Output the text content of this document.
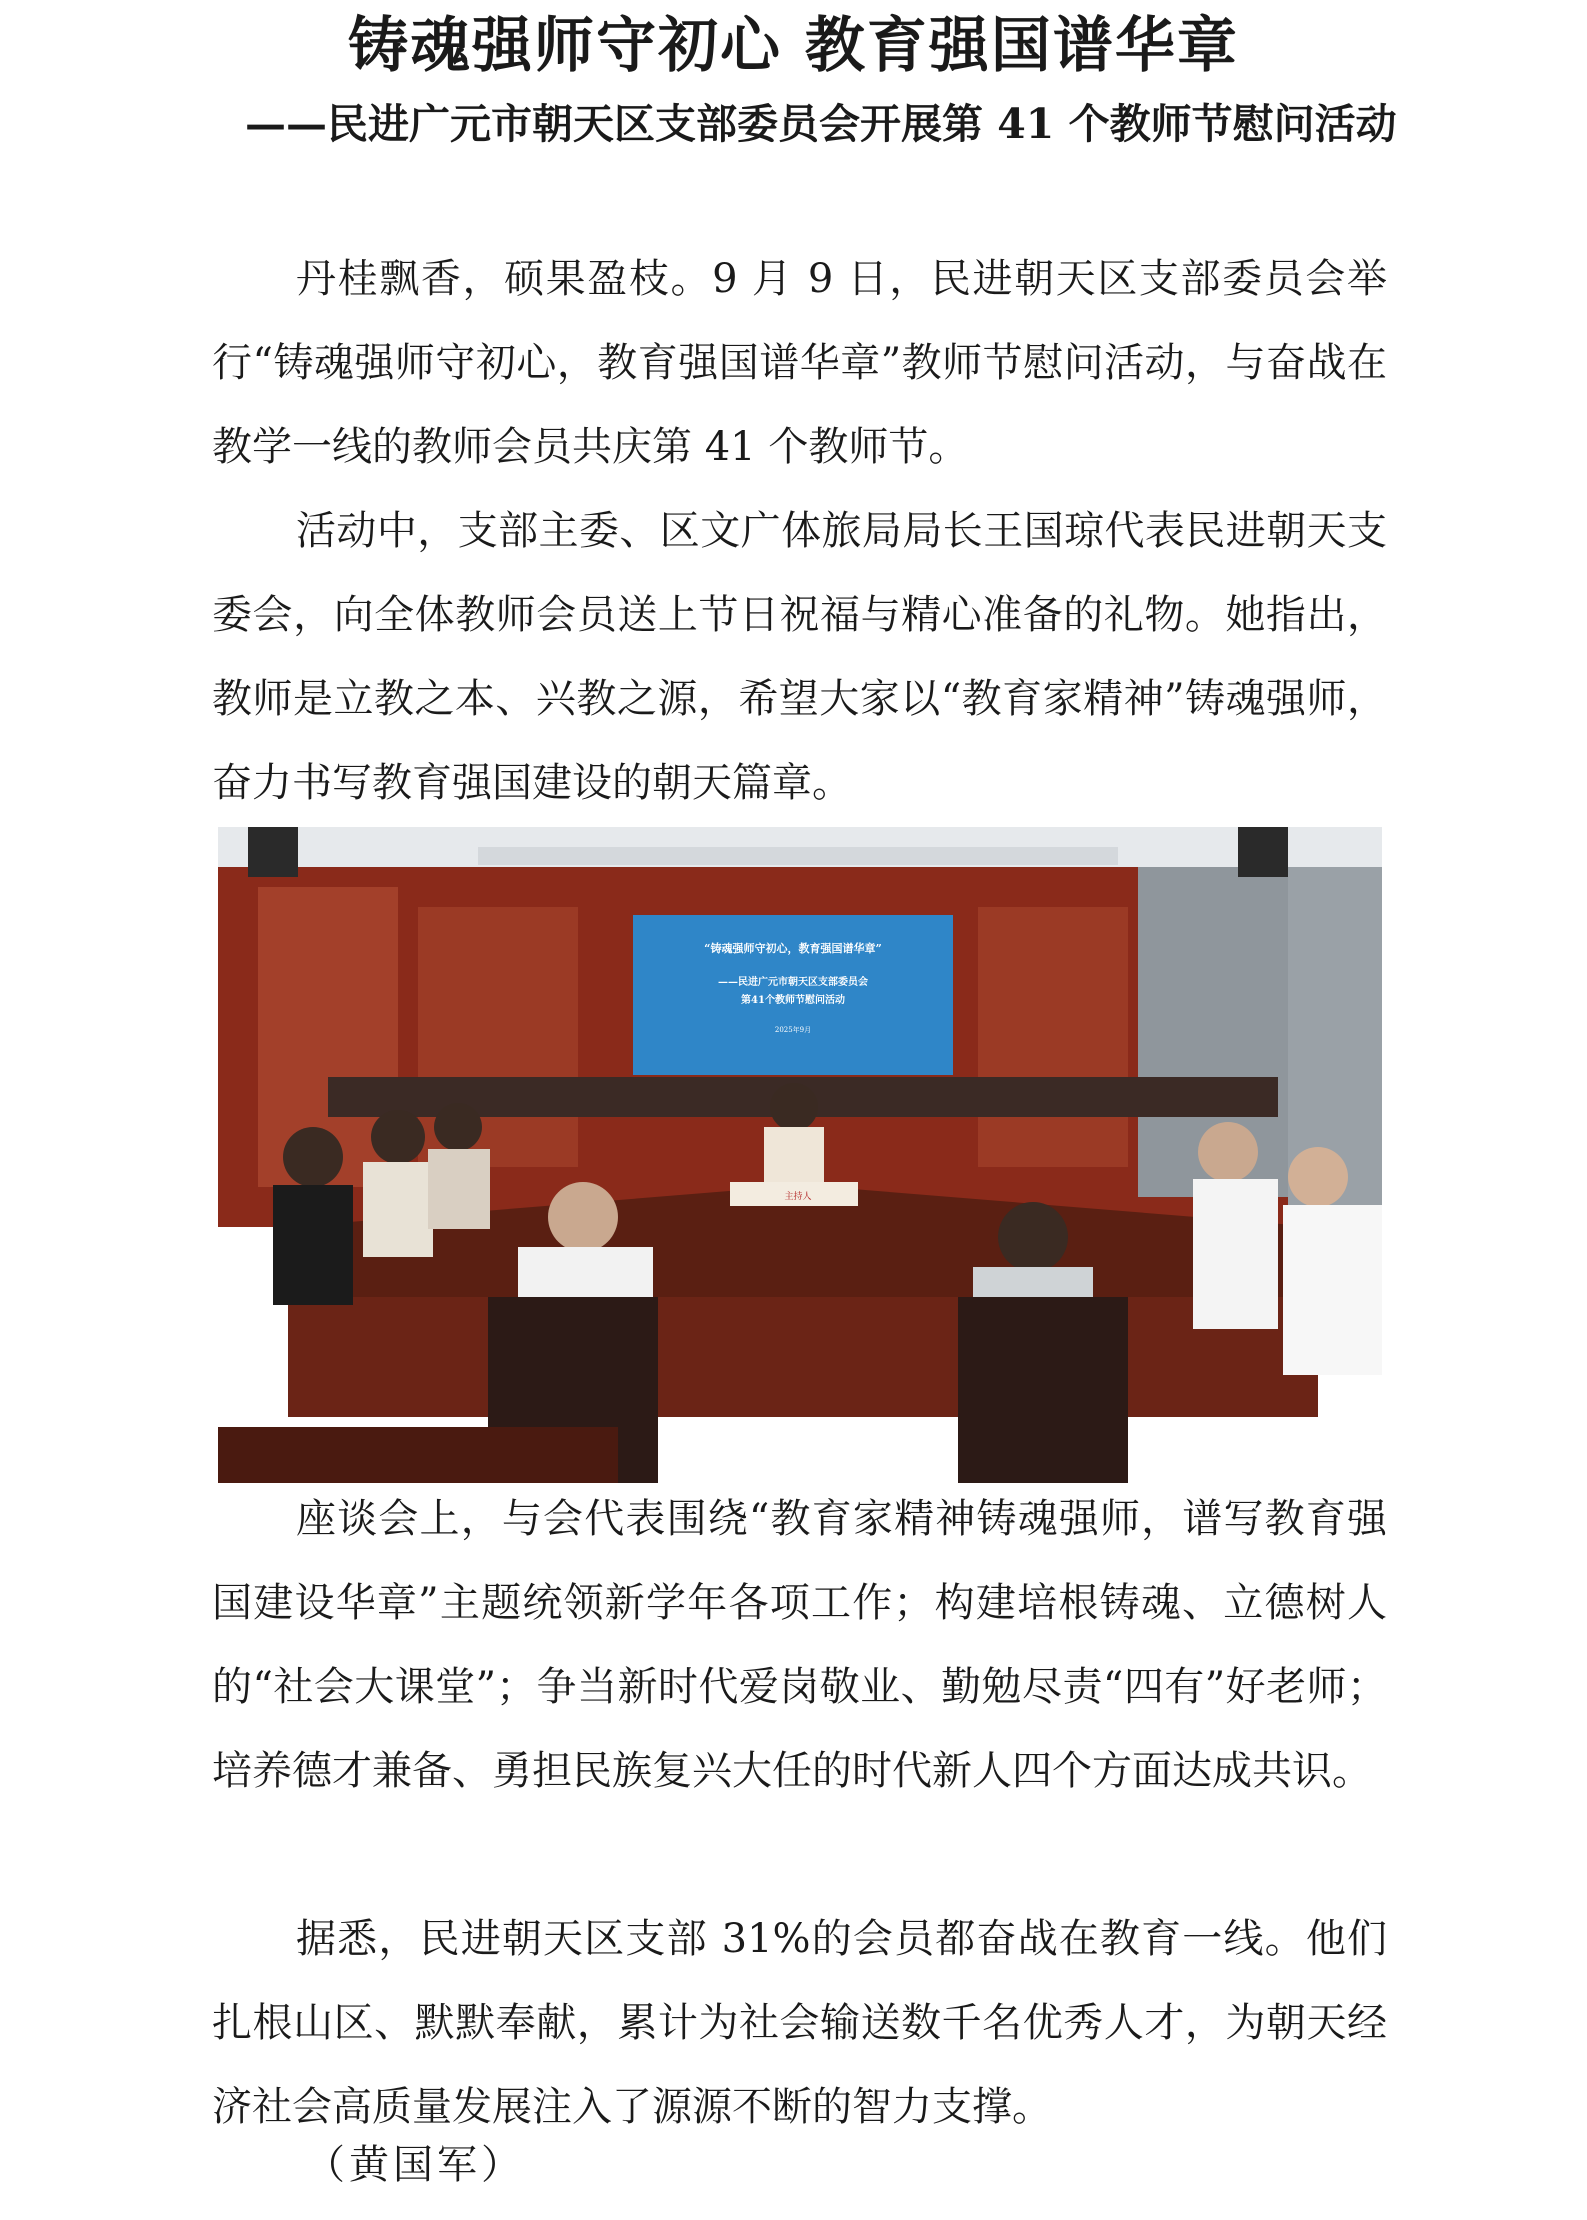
铸魂强师守初心 教育强国谱华章
——民进广元市朝天区支部委员会开展第 41 个教师节慰问活动

丹桂飘香，硕果盈枝。9 月 9 日，民进朝天区支部委员会举行“铸魂强师守初心，教育强国谱华章”教师节慰问活动，与奋战在教学一线的教师会员共庆第 41 个教师节。

活动中，支部主委、区文广体旅局局长王国琼代表民进朝天支委会，向全体教师会员送上节日祝福与精心准备的礼物。她指出，教师是立教之本、兴教之源，希望大家以“教育家精神”铸魂强师，奋力书写教育强国建设的朝天篇章。

“铸魂强师守初心，教育强国谱华章”
——民进广元市朝天区支部委员会
第41个教师节慰问活动
2025年9月
主持人

座谈会上，与会代表围绕“教育家精神铸魂强师，谱写教育强国建设华章”主题统领新学年各项工作；构建培根铸魂、立德树人的“社会大课堂”；争当新时代爱岗敬业、勤勉尽责“四有”好老师；培养德才兼备、勇担民族复兴大任的时代新人四个方面达成共识。

据悉，民进朝天区支部 31%的会员都奋战在教育一线。他们扎根山区、默默奉献，累计为社会输送数千名优秀人才，为朝天经济社会高质量发展注入了源源不断的智力支撑。

（黄国军）
